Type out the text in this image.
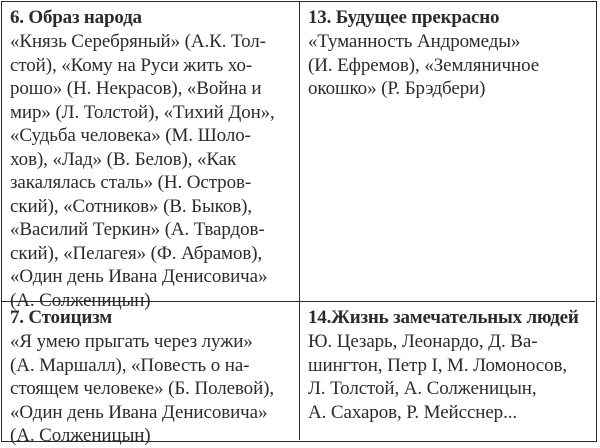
6. Образ народа
«Князь Серебряный» (А.К. Тол-
стой), «Кому на Руси жить хо-
рошо» (Н. Некрасов), «Война и
мир» (Л. Толстой), «Тихий Дон»,
«Судьба человека» (М. Шоло-
хов), «Лад» (В. Белов), «Как
закалялась сталь» (Н. Остров-
ский), «Сотников» (В. Быков),
«Василий Теркин» (А. Твардов-
ский), «Пелагея» (Ф. Абрамов),
«Один день Ивана Денисовича»
(А. Солженицын)
13. Будущее прекрасно
«Туманность Андромеды»
(И. Ефремов), «Земляничное
окошко» (Р. Брэдбери)
7. Стоицизм
«Я умею прыгать через лужи»
(А. Маршалл), «Повесть о на-
стоящем человеке» (Б. Полевой),
«Один день Ивана Денисовича»
(А. Солженицын)
14.Жизнь замечательных людей
Ю. Цезарь, Леонардо, Д. Ва-
шингтон, Петр I, М. Ломоносов,
Л. Толстой, А. Солженицын,
А. Сахаров, Р. Мейсснер...
